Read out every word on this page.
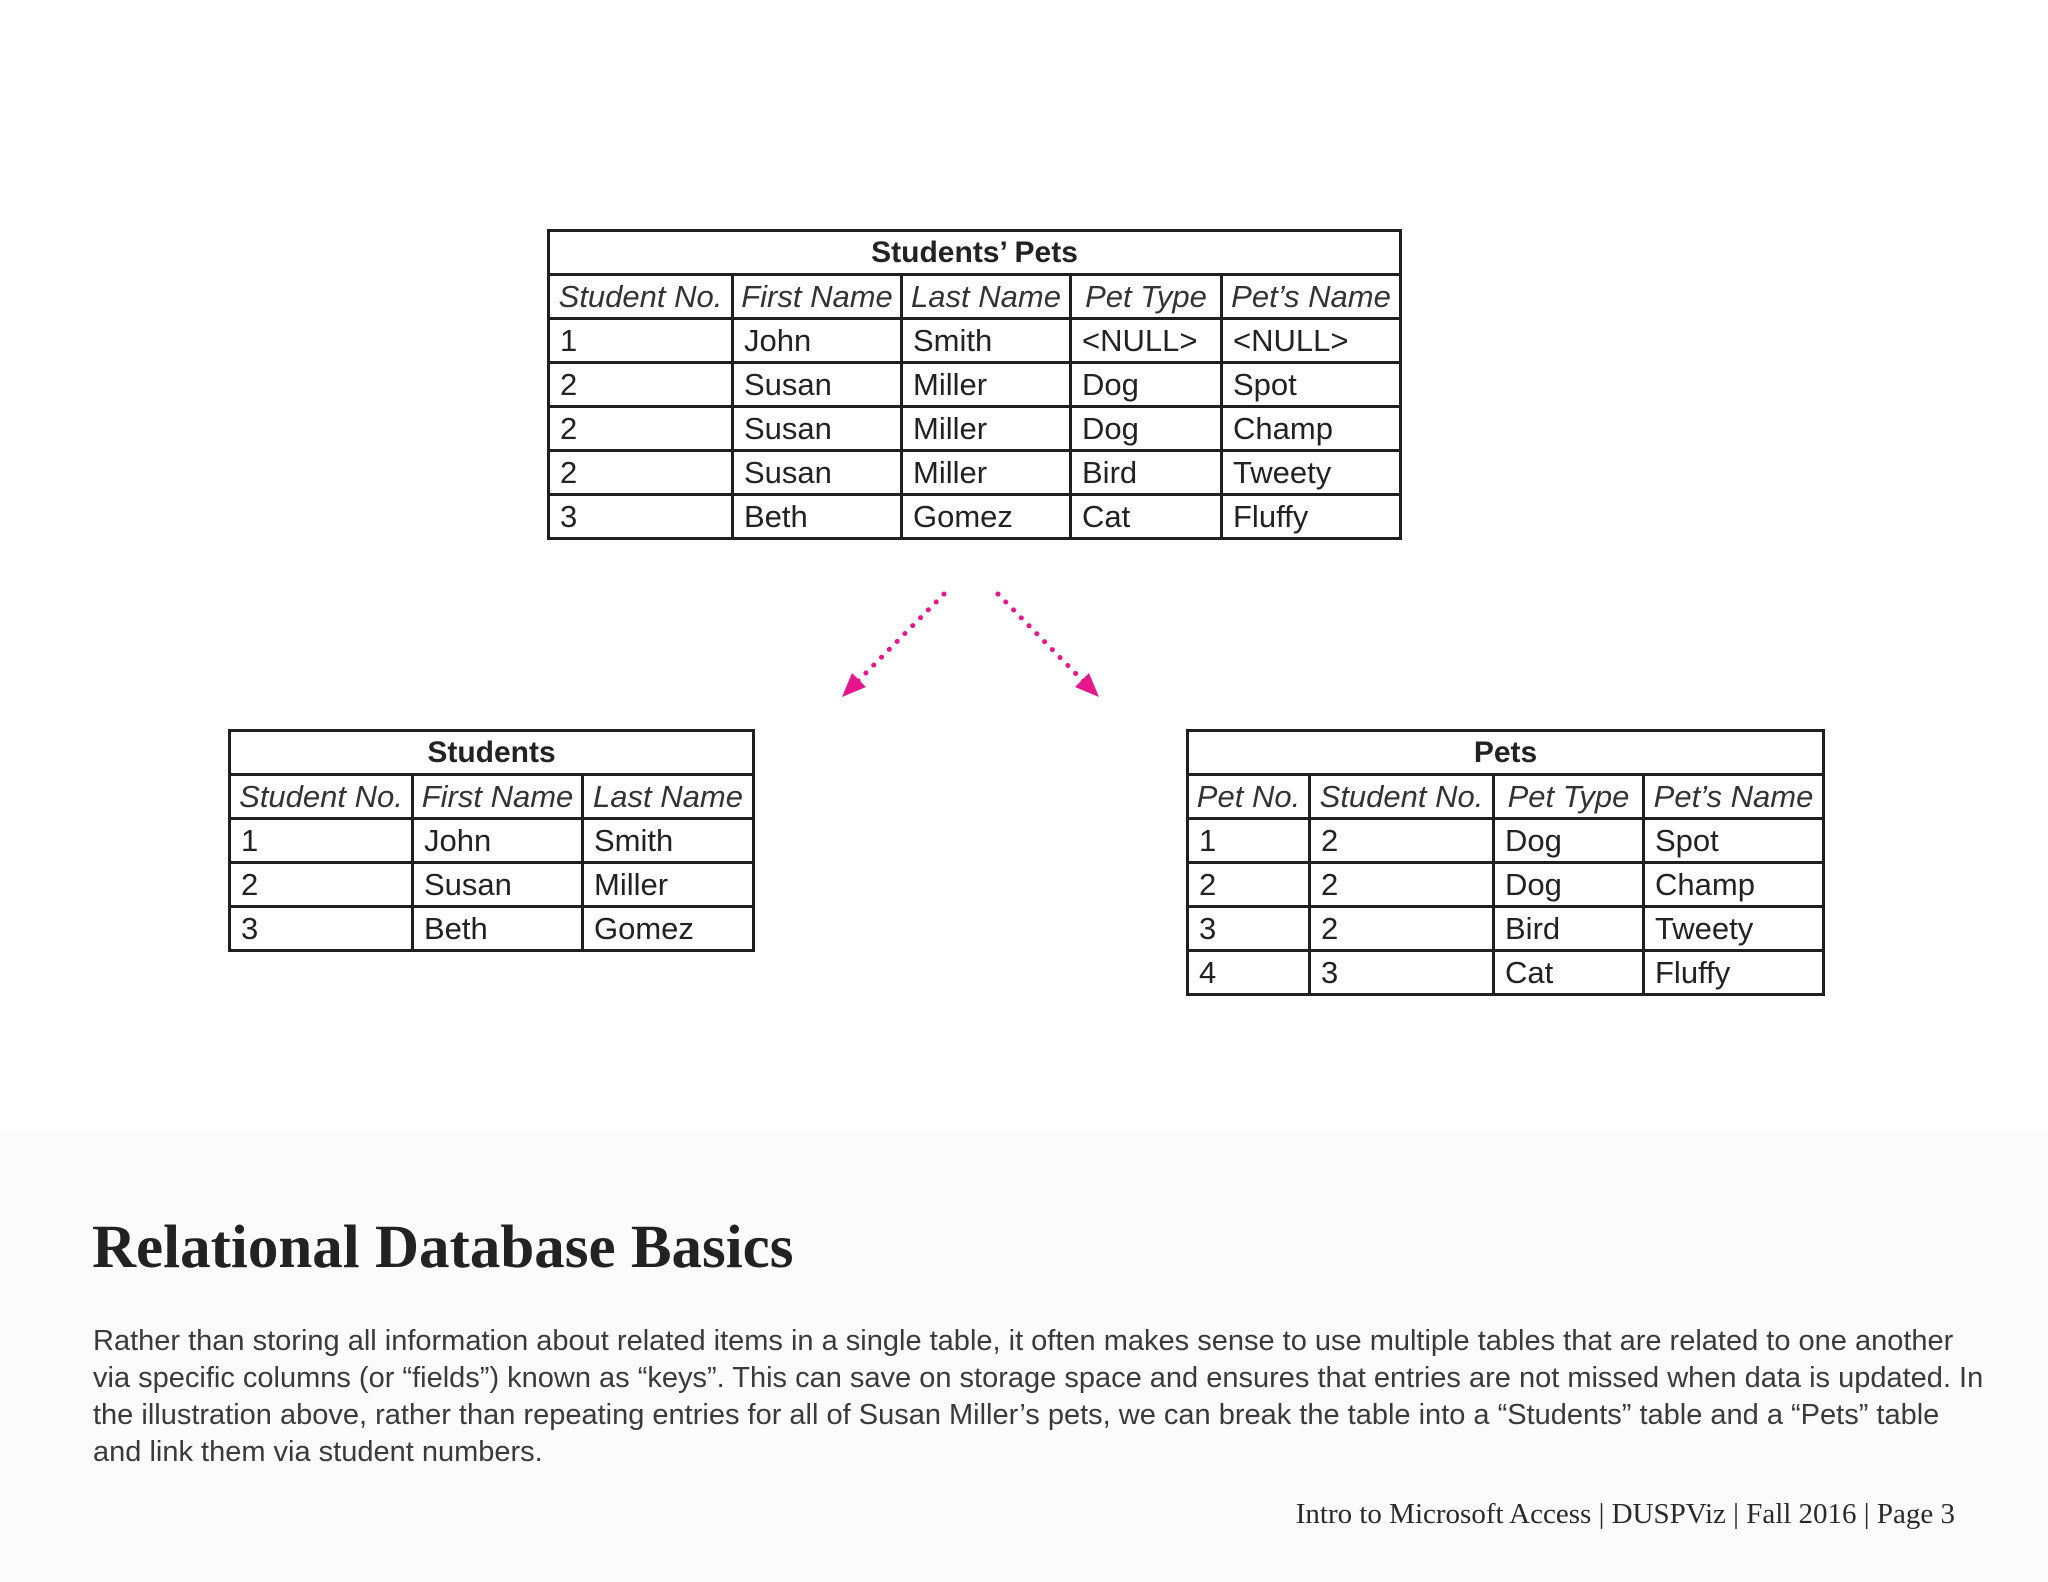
Students’ Pets				
Student No.	First Name	Last Name	Pet Type	Pet’s Name
1	John	Smith	<NULL>	<NULL>
2	Susan	Miller	Dog	Spot
2	Susan	Miller	Dog	Champ
2	Susan	Miller	Bird	Tweety
3	Beth	Gomez	Cat	Fluffy
Students		
Student No.	First Name	Last Name
1	John	Smith
2	Susan	Miller
3	Beth	Gomez
Pets			
Pet No.	Student No.	Pet Type	Pet’s Name
1	2	Dog	Spot
2	2	Dog	Champ
3	2	Bird	Tweety
4	3	Cat	Fluffy
Relational Database Basics

Rather than storing all information about related items in a single table, it often makes sense to use multiple tables that are related to one another via specific columns (or “fields”) known as “keys”. This can save on storage space and ensures that entries are not missed when data is updated. In the illustration above, rather than repeating entries for all of Susan Miller’s pets, we can break the table into a “Students” table and a “Pets” table and link them via student numbers.

Intro to Microsoft Access | DUSPViz | Fall 2016 | Page 3
